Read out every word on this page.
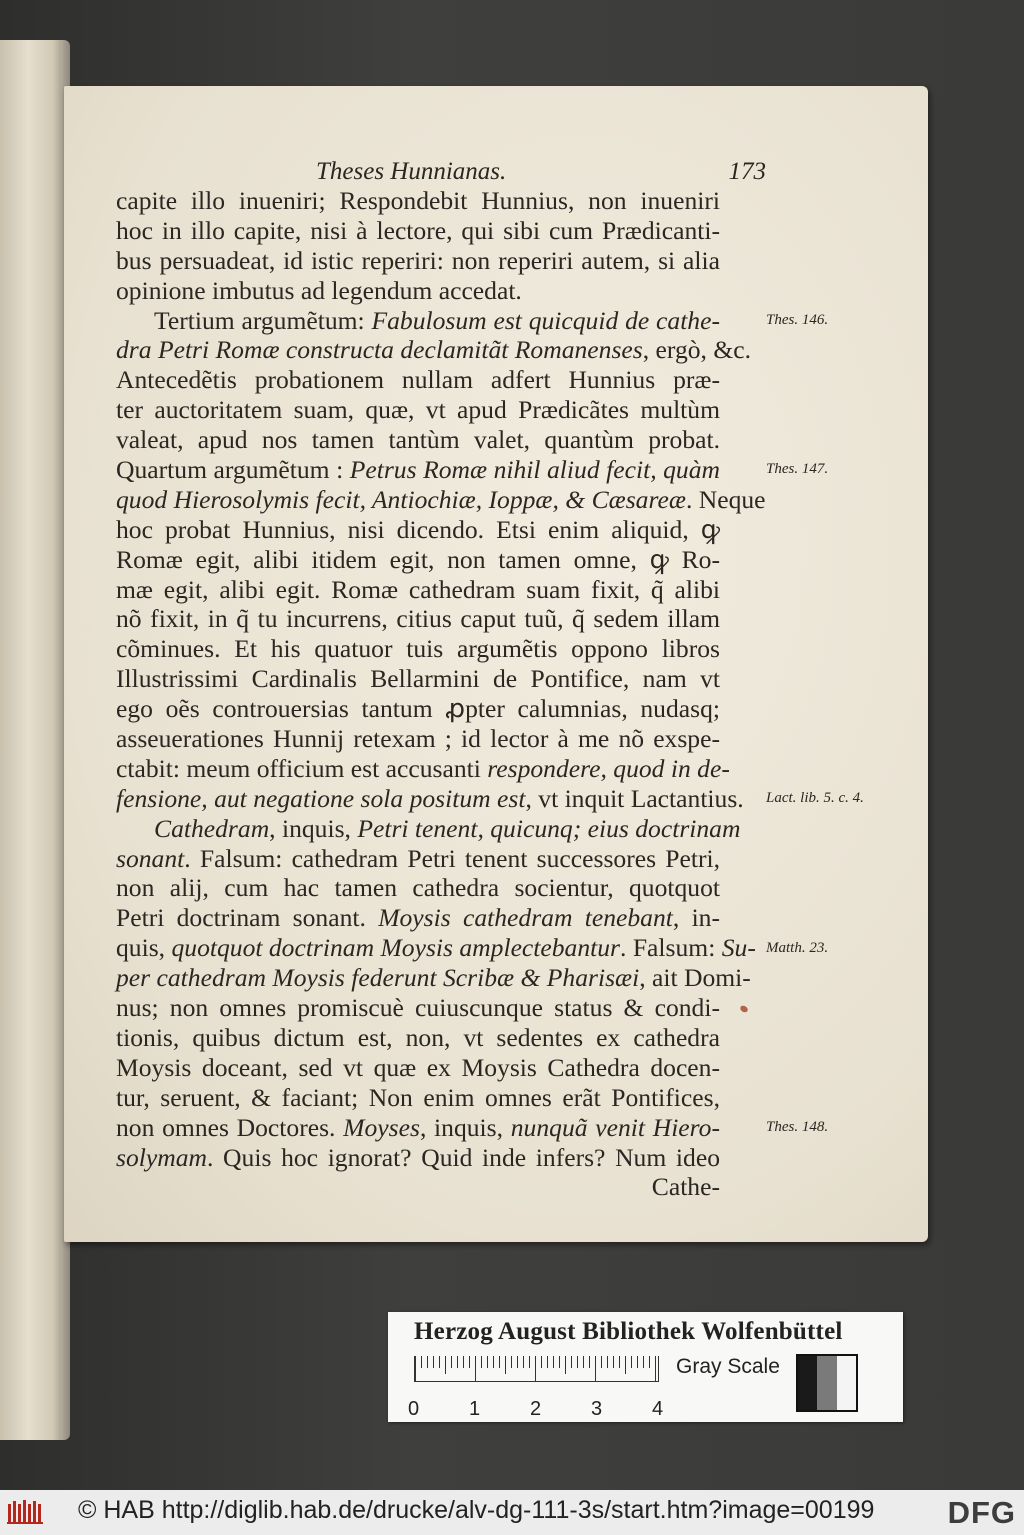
Theses Hunnianas.	173
capite illo inueniri; Respondebit Hunnius, non inueniri
hoc in illo capite, nisi à lectore, qui sibi cum Prædicanti-
bus persuadeat, id istic reperiri: non reperiri autem, si alia
opinione imbutus ad legendum accedat.
Tertium argumẽtum: Fabulosum est quicquid de cathe-
dra Petri Romæ constructa declamitãt Romanenses, ergò, &c.
Antecedẽtis probationem nullam adfert Hunnius præ-
ter auctoritatem suam, quæ, vt apud Prædicãtes multùm
valeat, apud nos tamen tantùm valet, quantùm probat.
Quartum argumẽtum : Petrus Romæ nihil aliud fecit, quàm
quod Hierosolymis fecit, Antiochiæ, Ioppæ, & Cæsareæ. Neque
hoc probat Hunnius, nisi dicendo. Etsi enim aliquid, ꝙ
Romæ egit, alibi itidem egit, non tamen omne, ꝙ Ro-
mæ egit, alibi egit. Romæ cathedram suam fixit, q̃ alibi
nõ fixit, in q̃ tu incurrens, citius caput tuũ, q̃ sedem illam
cõminues. Et his quatuor tuis argumẽtis oppono libros
Illustrissimi Cardinalis Bellarmini de Pontifice, nam vt
ego oẽs controuersias tantum ꝓpter calumnias, nudasq;
asseuerationes Hunnij retexam ; id lector à me nõ exspe-
ctabit: meum officium est accusanti respondere, quod in de-
fensione, aut negatione sola positum est, vt inquit Lactantius.
Cathedram, inquis, Petri tenent, quicunq; eius doctrinam
sonant. Falsum: cathedram Petri tenent successores Petri,
non alij, cum hac tamen cathedra socientur, quotquot
Petri doctrinam sonant. Moysis cathedram tenebant, in-
quis, quotquot doctrinam Moysis amplectebantur. Falsum: Su-
per cathedram Moysis federunt Scribæ & Pharisæi, ait Domi-
nus; non omnes promiscuè cuiuscunque status & condi-
tionis, quibus dictum est, non, vt sedentes ex cathedra
Moysis doceant, sed vt quæ ex Moysis Cathedra docen-
tur, seruent, & faciant; Non enim omnes erãt Pontifices,
non omnes Doctores. Moyses, inquis, nunquã venit Hiero-
solymam. Quis hoc ignorat? Quid inde infers? Num ideo
Cathe-
Thes. 146.
Thes. 147.
Lact. lib. 5. c. 4.
Matth. 23.
Thes. 148.
Herzog August Bibliothek Wolfenbüttel
0 1 2 3 4
Gray Scale
© HAB http://diglib.hab.de/drucke/alv-dg-111-3s/start.htm?image=00199 DFG
